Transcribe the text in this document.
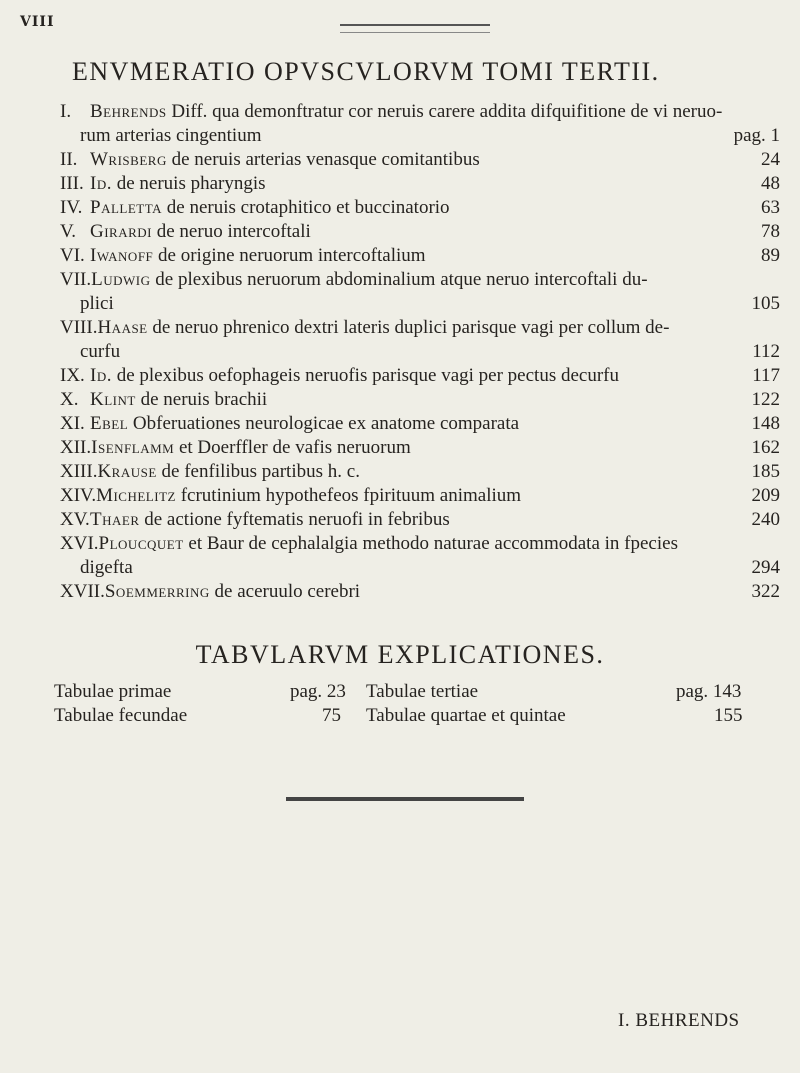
VIII
ENVMERATIO OPVSCVLORVM TOMI TERTII.
I. Behrends Diff. qua demonftratur cor neruis carere addita difquifitione de vi neruo-
rum arterias cingentium	pag. 1
II. Wrisberg de neruis arterias venasque comitantibus	24
III. Id. de neruis pharyngis	48
IV. Palletta de neruis crotaphitico et buccinatorio	63
V. Girardi de neruo intercoftali	78
VI. Iwanoff de origine neruorum intercoftalium	89
VII.Ludwig de plexibus neruorum abdominalium atque neruo intercoftali du-
plici	105
VIII.Haase de neruo phrenico dextri lateris duplici parisque vagi per collum de-
curfu	112
IX. Id. de plexibus oefophageis neruofis parisque vagi per pectus decurfu	117
X. Klint de neruis brachii	122
XI. Ebel Obferuationes neurologicae ex anatome comparata	148
XII.Isenflamm et Doerffler de vafis neruorum	162
XIII.Krause de fenfilibus partibus h. c.	185
XIV.Michelitz fcrutinium hypothefeos fpirituum animalium	209
XV.Thaer de actione fyftematis neruofi in febribus	240
XVI.Ploucquet et Baur de cephalalgia methodo naturae accommodata in fpecies
digefta	294
XVII.Soemmerring de aceruulo cerebri	322
TABVLARVM EXPLICATIONES.
Tabulae primae	pag. 23
Tabulae fecundae	75
Tabulae tertiae	pag. 143
Tabulae quartae et quintae	155
I. BEHRENDS
